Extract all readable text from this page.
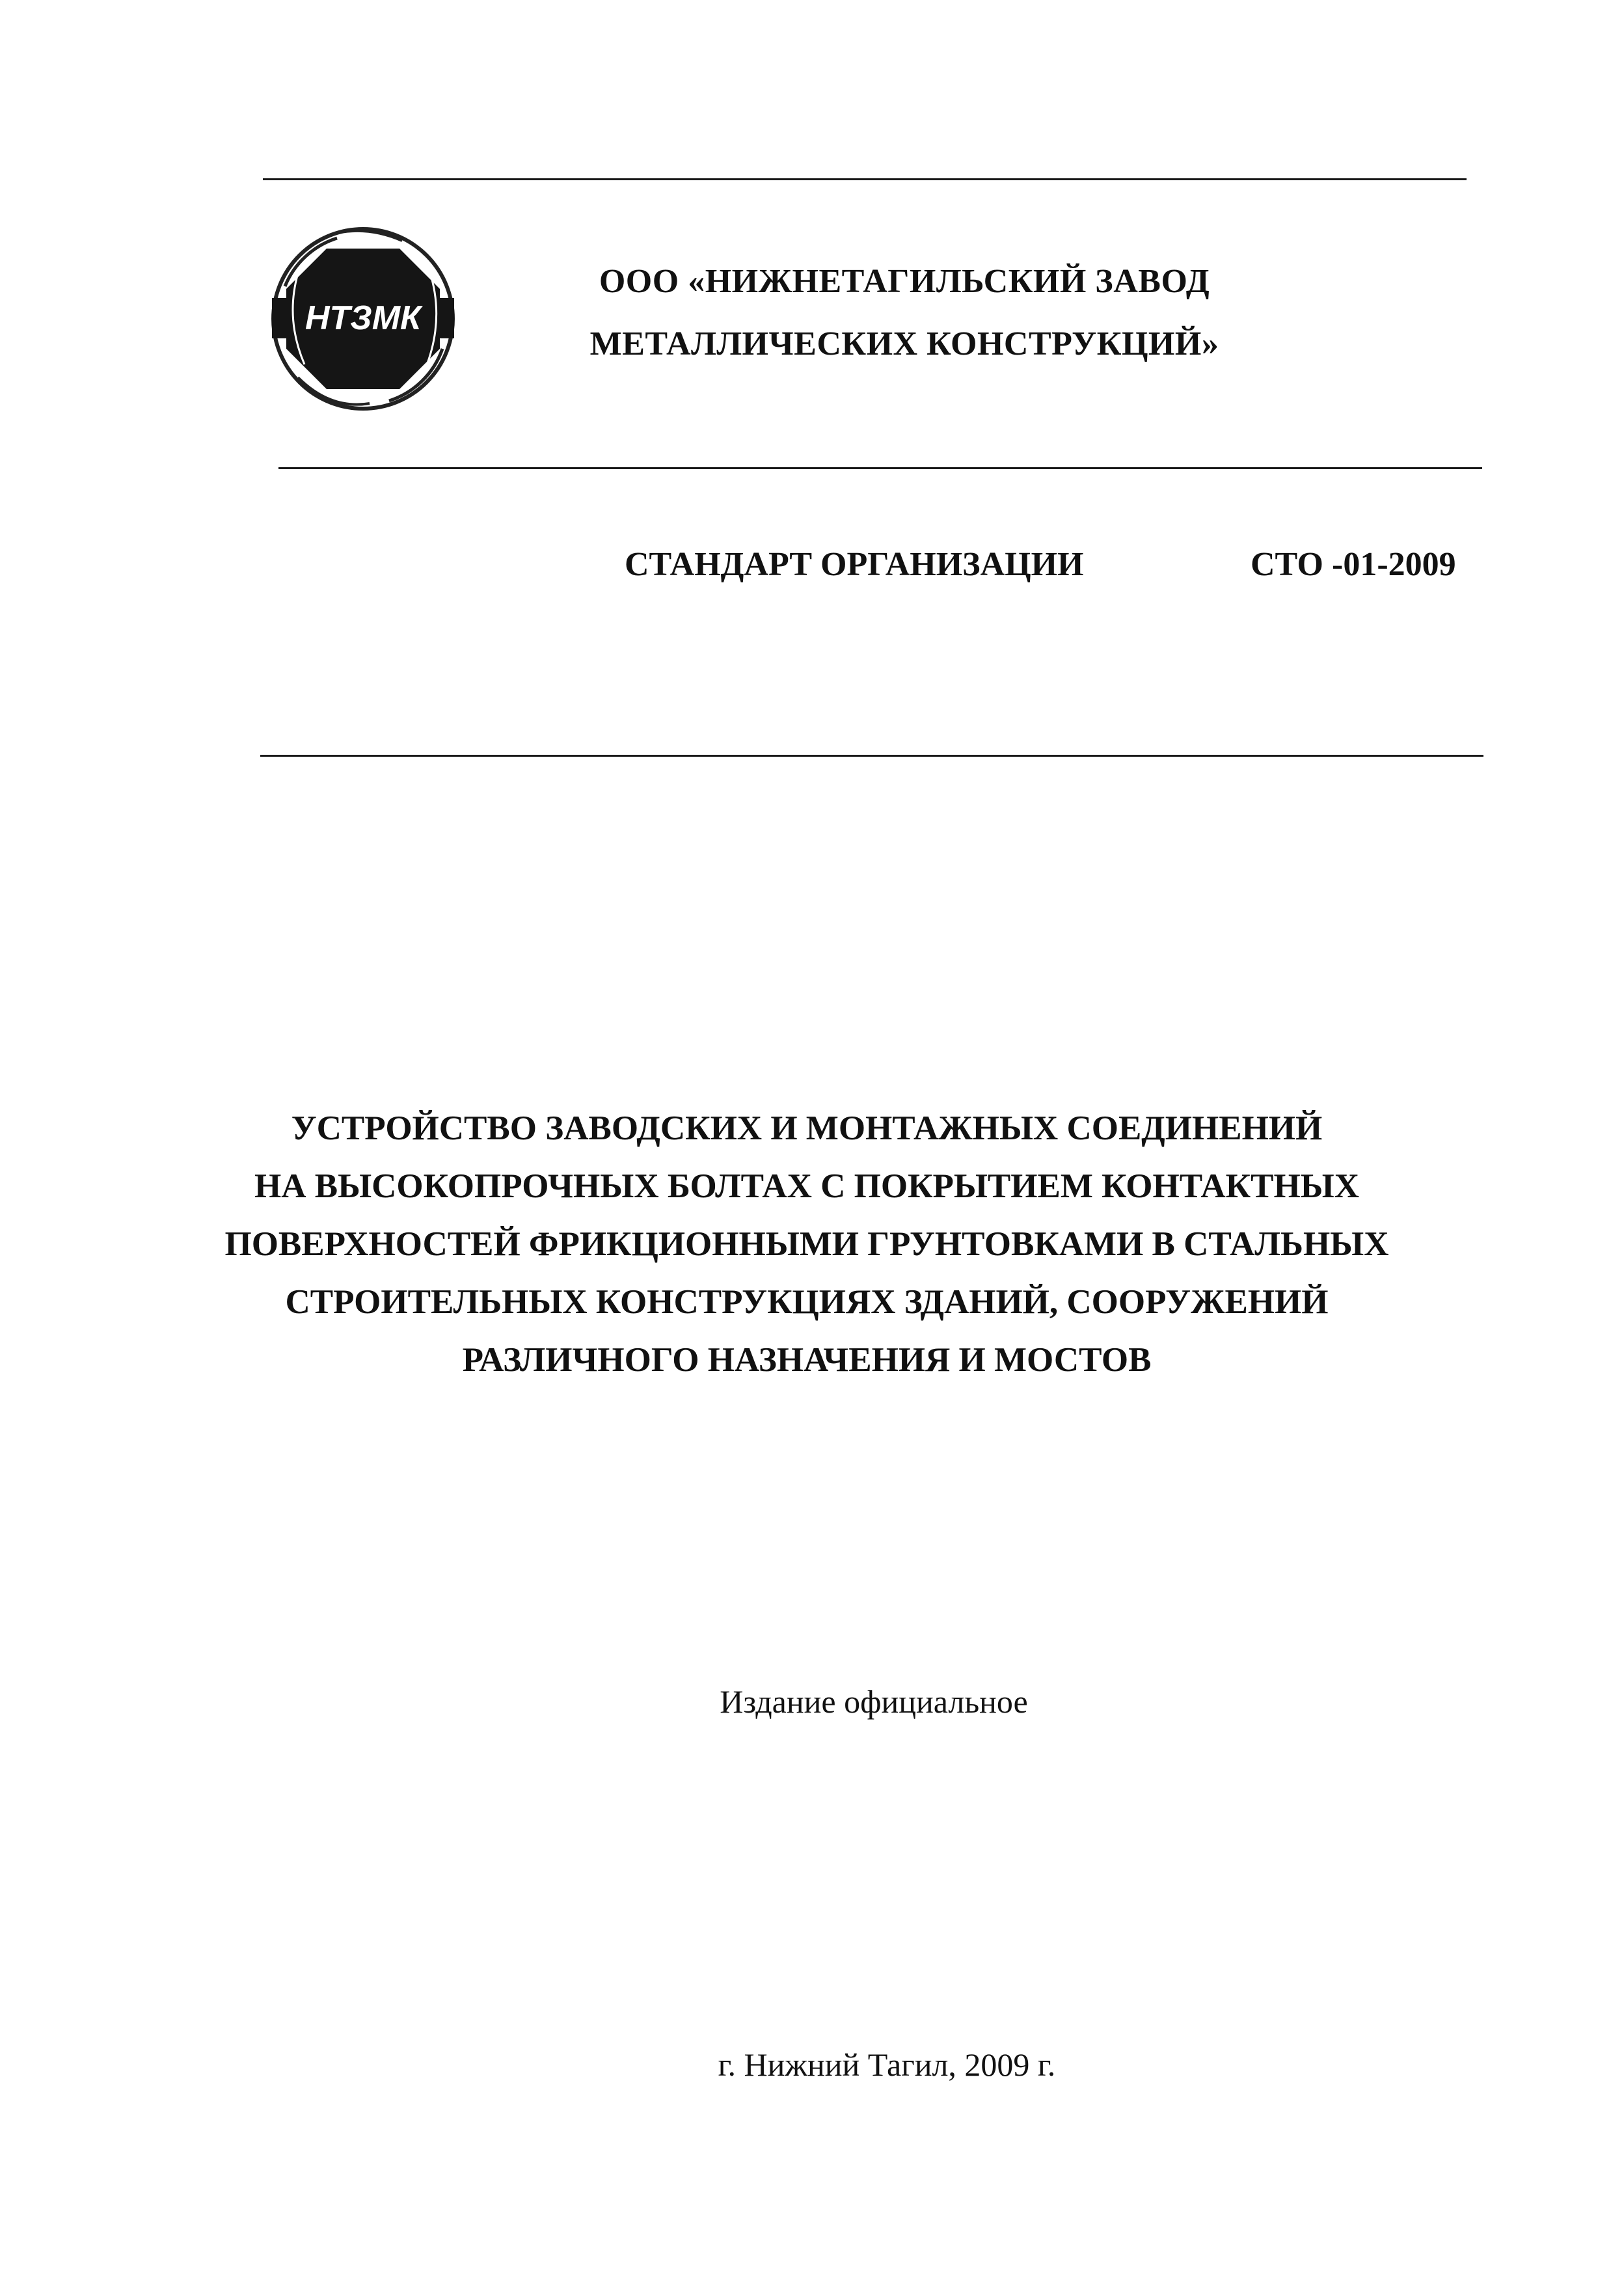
НТЗМК
ООО «НИЖНЕТАГИЛЬСКИЙ ЗАВОД
МЕТАЛЛИЧЕСКИХ КОНСТРУКЦИЙ»
СТАНДАРТ ОРГАНИЗАЦИИ	СТО -01-2009
УСТРОЙСТВО ЗАВОДСКИХ И МОНТАЖНЫХ СОЕДИНЕНИЙ
НА ВЫСОКОПРОЧНЫХ БОЛТАХ С ПОКРЫТИЕМ КОНТАКТНЫХ
ПОВЕРХНОСТЕЙ ФРИКЦИОННЫМИ ГРУНТОВКАМИ В СТАЛЬНЫХ
СТРОИТЕЛЬНЫХ КОНСТРУКЦИЯХ ЗДАНИЙ, СООРУЖЕНИЙ
РАЗЛИЧНОГО НАЗНАЧЕНИЯ И МОСТОВ
Издание официальное
г. Нижний Тагил, 2009 г.
